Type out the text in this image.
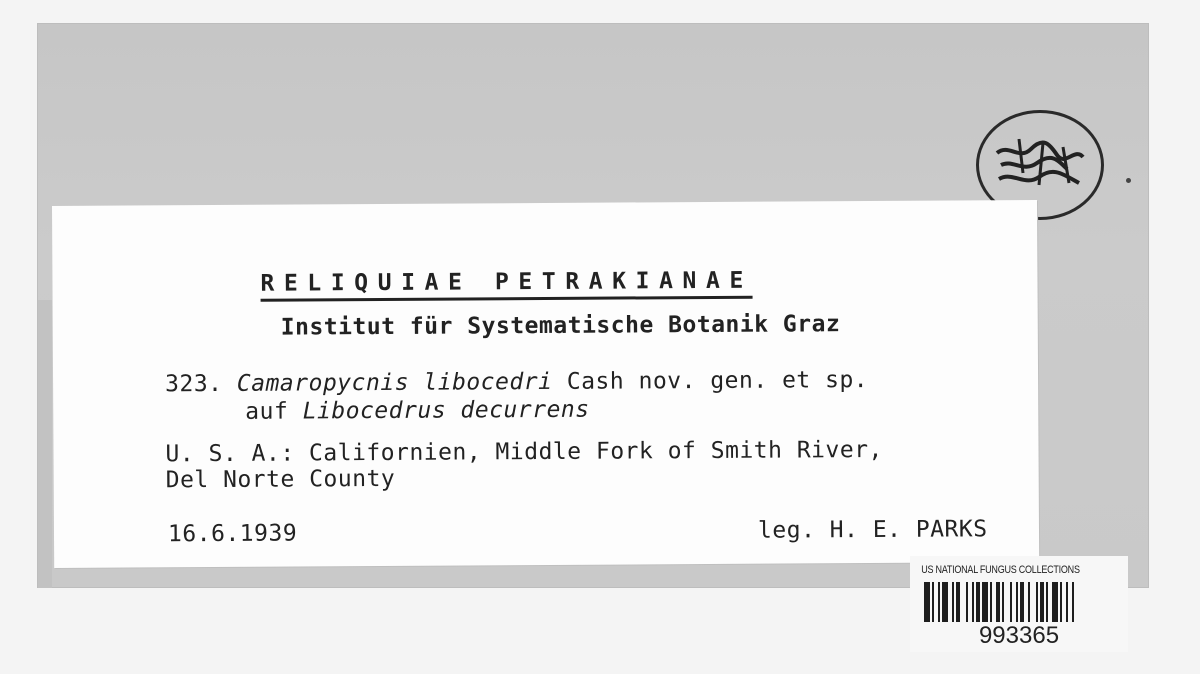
RELIQUIAE PETRAKIANAE
Institut für Systematische Botanik Graz
323. Camaropycnis libocedri Cash nov. gen. et sp.
auf Libocedrus decurrens
U. S. A.: Californien, Middle Fork of Smith River,
Del Norte County
16.6.1939	leg. H. E. PARKS
US NATIONAL FUNGUS COLLECTIONS
993365
